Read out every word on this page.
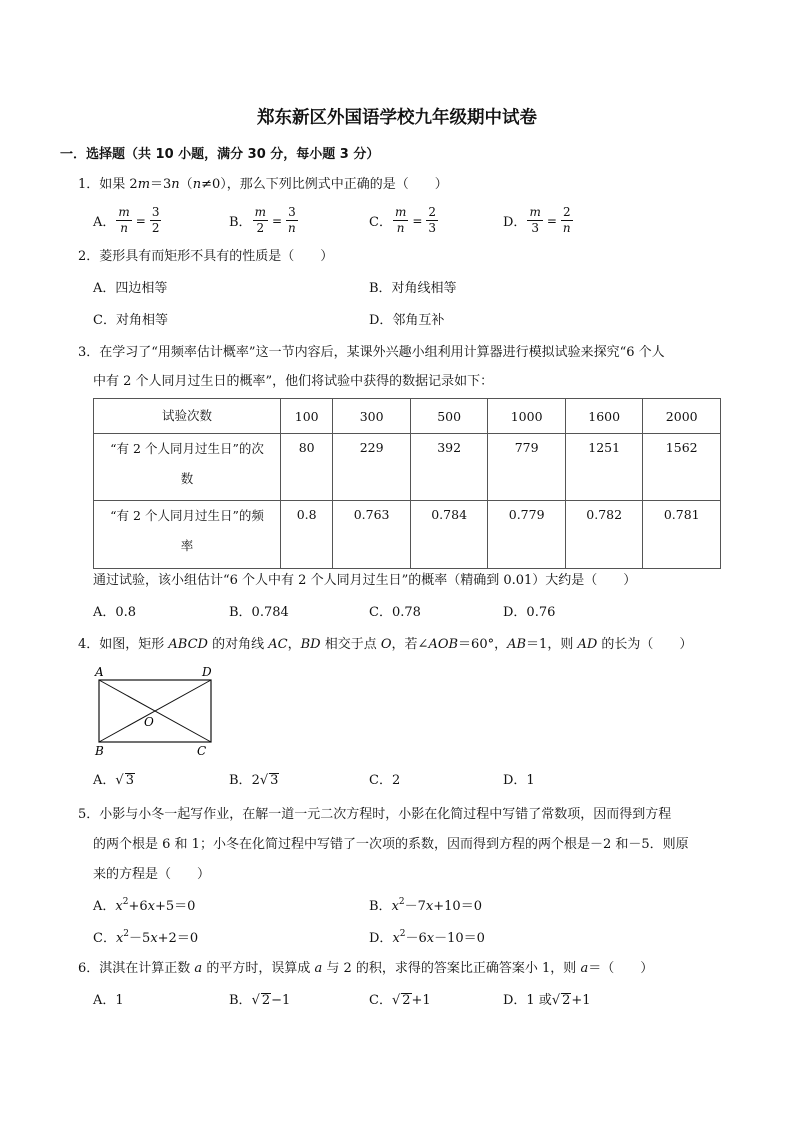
郑东新区外国语学校九年级期中试卷
一．选择题（共 10 小题，满分 30 分，每小题 3 分）
1．如果 2m＝3n（n≠0），那么下列比例式中正确的是（　　）
A． $\frac{m}{n} = \frac{3}{2}$	B． $\frac{m}{2} = \frac{3}{n}$	C． $\frac{m}{n} = \frac{2}{3}$	D． $\frac{m}{3} = \frac{2}{n}$
2．菱形具有而矩形不具有的性质是（　　）
A．四边相等	B．对角线相等
C．对角相等	D．邻角互补
3．在学习了“用频率估计概率”这一节内容后，某课外兴趣小组利用计算器进行模拟试验来探究“6 个人
中有 2 个人同月过生日的概率”，他们将试验中获得的数据记录如下：
试验次数	100	300	500	1000	1600	2000

“有 2 个人同月过生日”的次
数	80	229	392	779	1251	1562

“有 2 个人同月过生日”的频
率	0.8	0.763	0.784	0.779	0.782	0.781
通过试验，该小组估计“6 个人中有 2 个人同月过生日”的概率（精确到 0.01）大约是（　　）
A．0.8	B．0.784	C．0.78	D．0.76
4．如图，矩形 ABCD 的对角线 AC，BD 相交于点 O，若∠AOB＝60°，AB＝1，则 AD 的长为（　　）
A	D
B	C
O
A．√ 3	B．2√ 3	C．2	D．1
5．小影与小冬一起写作业，在解一道一元二次方程时，小影在化简过程中写错了常数项，因而得到方程
的两个根是 6 和 1；小冬在化简过程中写错了一次项的系数，因而得到方程的两个根是－2 和－5．则原
来的方程是（　　）
A．$x^2+6x+5=0$	B．$x^2-7x+10=0$
C．$x^2-5x+2=0$	D．$x^2-6x-10=0$
6．淇淇在计算正数 a 的平方时，误算成 a 与 2 的积，求得的答案比正确答案小 1，则 a＝（　　）
A．1	B．√ 2−1	C．√ 2+1	D．1 或√ 2+1
